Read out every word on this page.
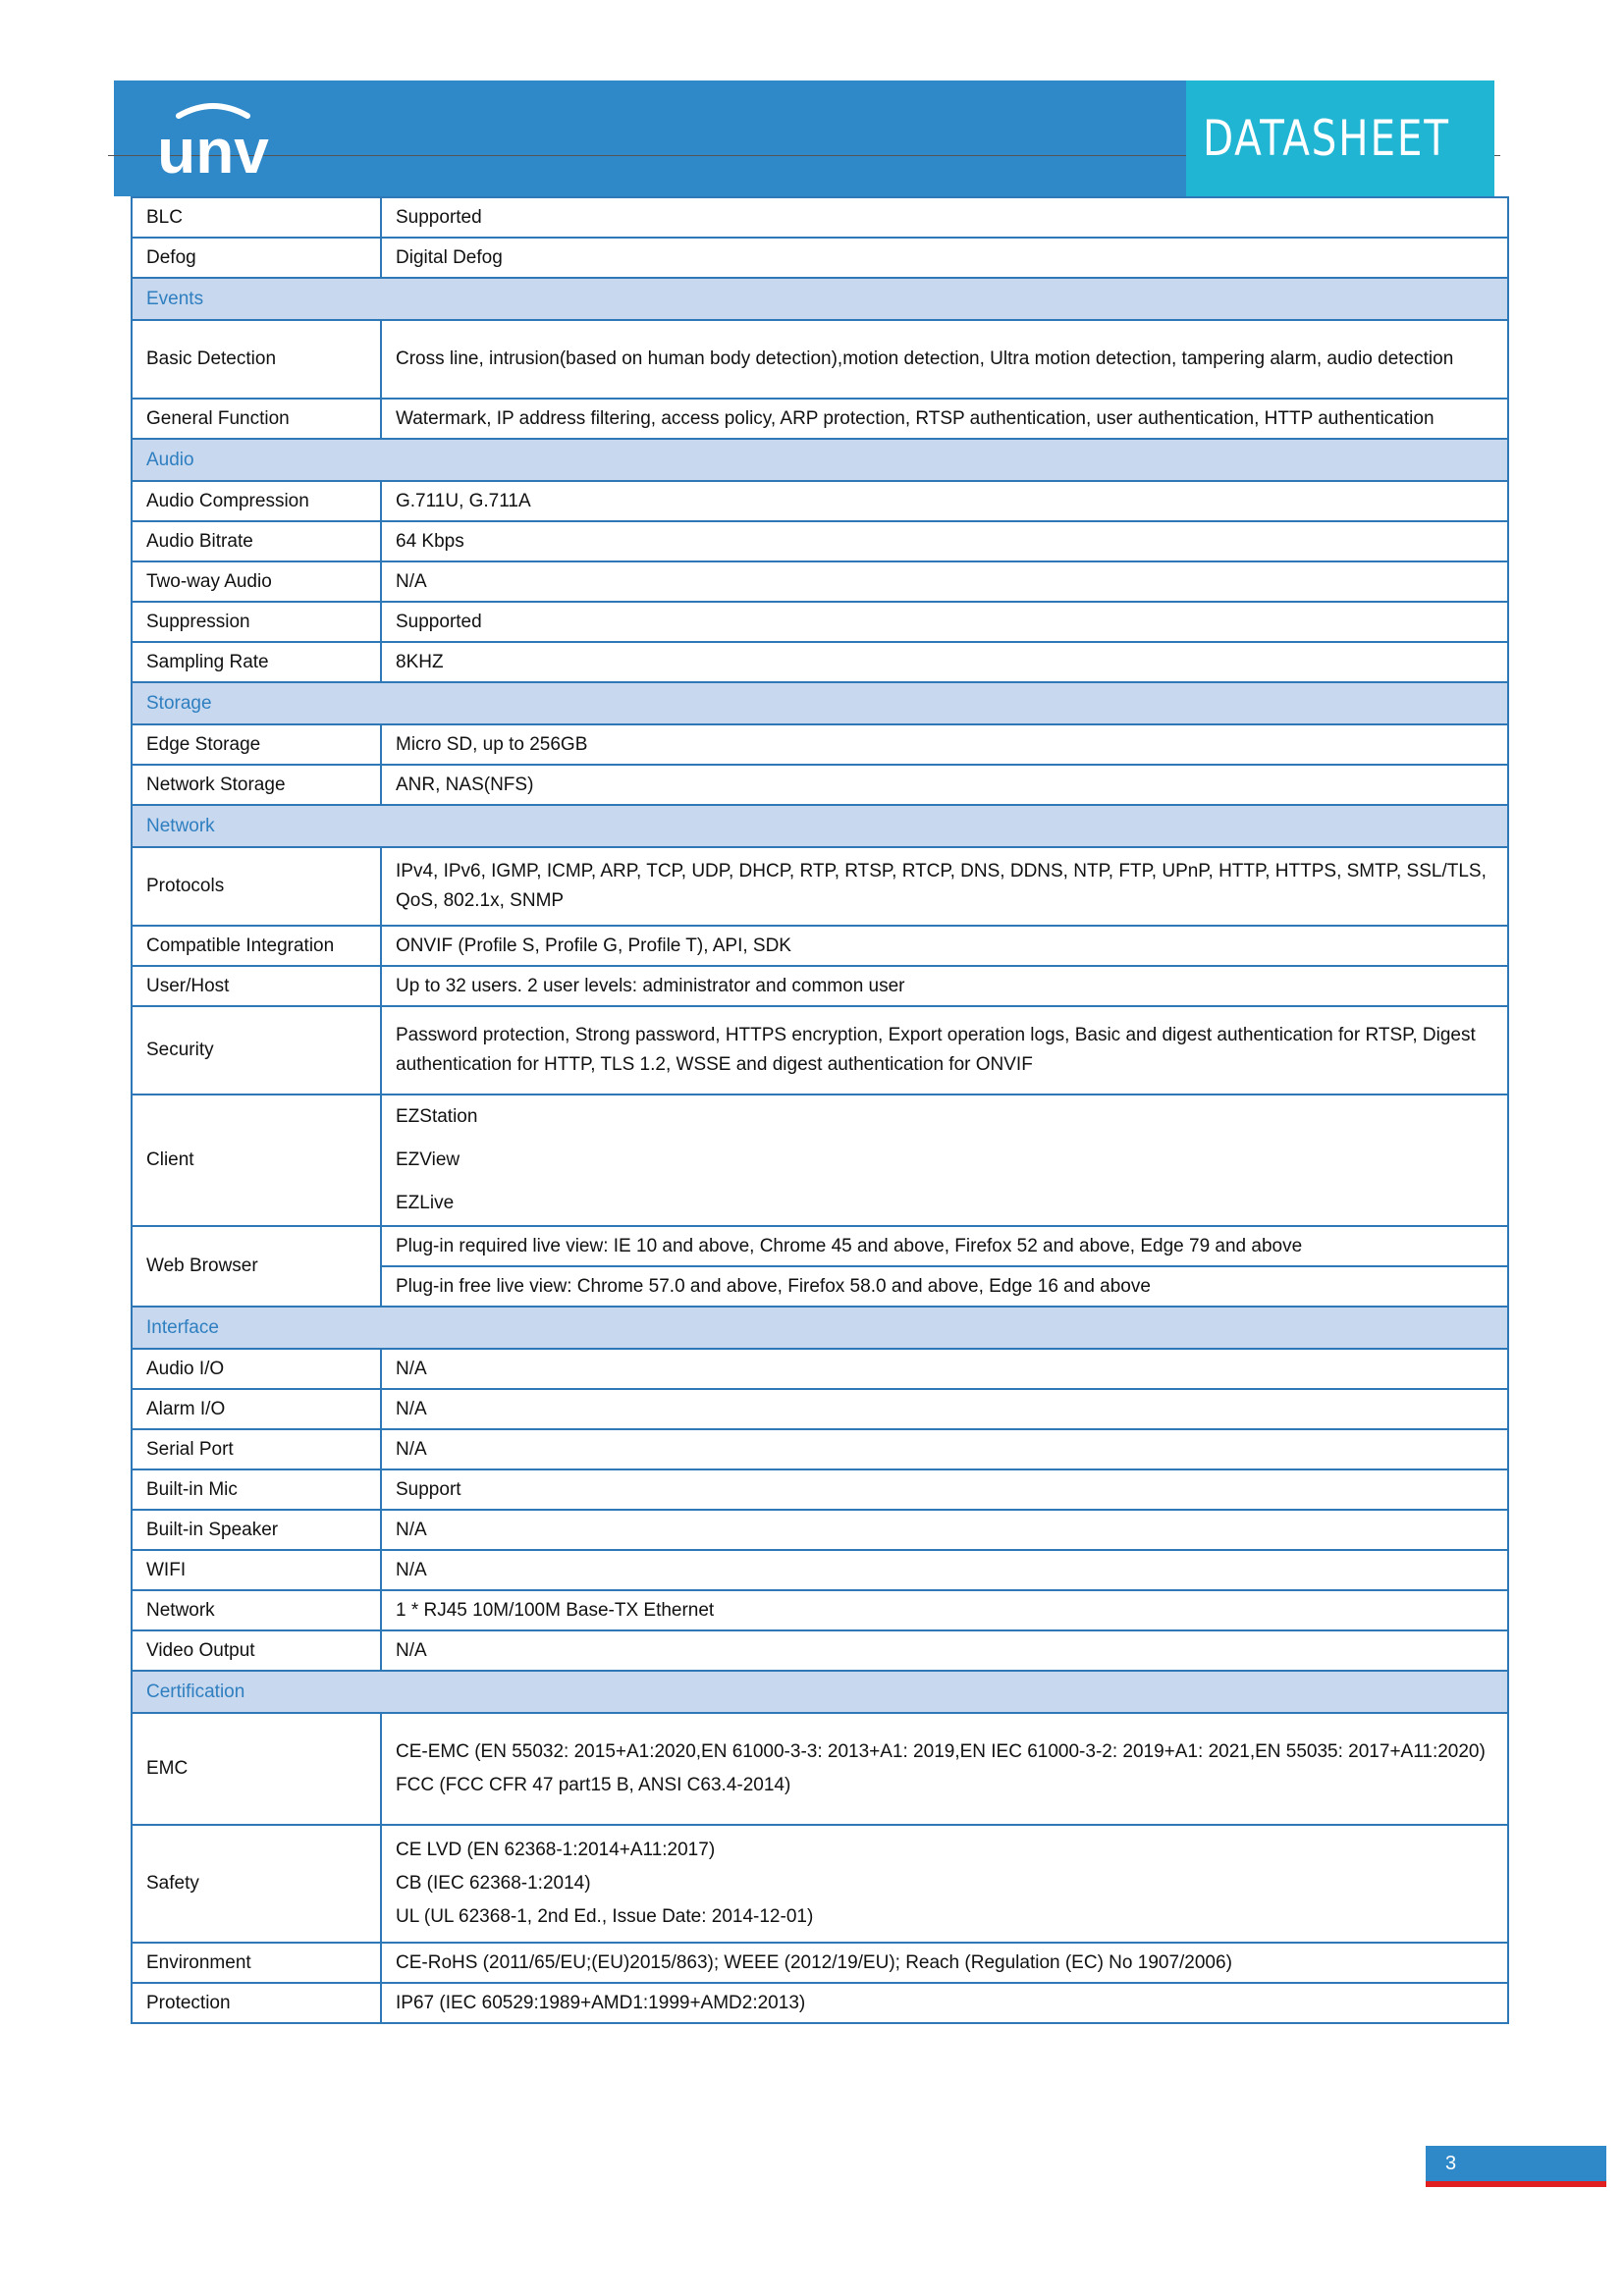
unv	DATASHEET
BLC	Supported

Defog	Digital Defog

Events	
Basic Detection	Cross line, intrusion(based on human body detection),motion detection, Ultra motion detection, tampering alarm, audio detection

General Function	Watermark, IP address filtering, access policy, ARP protection, RTSP authentication, user authentication, HTTP authentication

Audio	
Audio Compression	G.711U, G.711A

Audio Bitrate	64 Kbps

Two-way Audio	N/A

Suppression	Supported

Sampling Rate	8KHZ

Storage	
Edge Storage	Micro SD, up to 256GB

Network Storage	ANR, NAS(NFS)

Network	
Protocols	IPv4, IPv6, IGMP, ICMP, ARP, TCP, UDP, DHCP, RTP, RTSP, RTCP, DNS, DDNS, NTP, FTP, UPnP, HTTP, HTTPS, SMTP, SSL/TLS, QoS, 802.1x, SNMP

Compatible Integration	ONVIF (Profile S, Profile G, Profile T), API, SDK

User/Host	Up to 32 users. 2 user levels: administrator and common user

Security	Password protection, Strong password, HTTPS encryption, Export operation logs, Basic and digest authentication for RTSP, Digest authentication for HTTP, TLS 1.2, WSSE and digest authentication for ONVIF

Client	EZStation
EZView
EZLive

Web Browser	Plug-in required live view: IE 10 and above, Chrome 45 and above, Firefox 52 and above, Edge 79 and above
	Plug-in free live view: Chrome 57.0 and above, Firefox 58.0 and above, Edge 16 and above
Interface	
Audio I/O	N/A

Alarm I/O	N/A

Serial Port	N/A

Built-in Mic	Support

Built-in Speaker	N/A

WIFI	N/A

Network	1 * RJ45 10M/100M Base-TX Ethernet

Video Output	N/A

Certification	
EMC	CE-EMC (EN 55032: 2015+A1:2020,EN 61000-3-3: 2013+A1: 2019,EN IEC 61000-3-2: 2019+A1: 2021,EN 55035: 2017+A11:2020)
FCC (FCC CFR 47 part15 B, ANSI C63.4-2014)

Safety	CE LVD (EN 62368-1:2014+A11:2017)
CB (IEC 62368-1:2014)
UL (UL 62368-1, 2nd Ed., Issue Date: 2014-12-01)

Environment	CE-RoHS (2011/65/EU;(EU)2015/863); WEEE (2012/19/EU); Reach (Regulation (EC) No 1907/2006)

Protection	IP67 (IEC 60529:1989+AMD1:1999+AMD2:2013)
3
